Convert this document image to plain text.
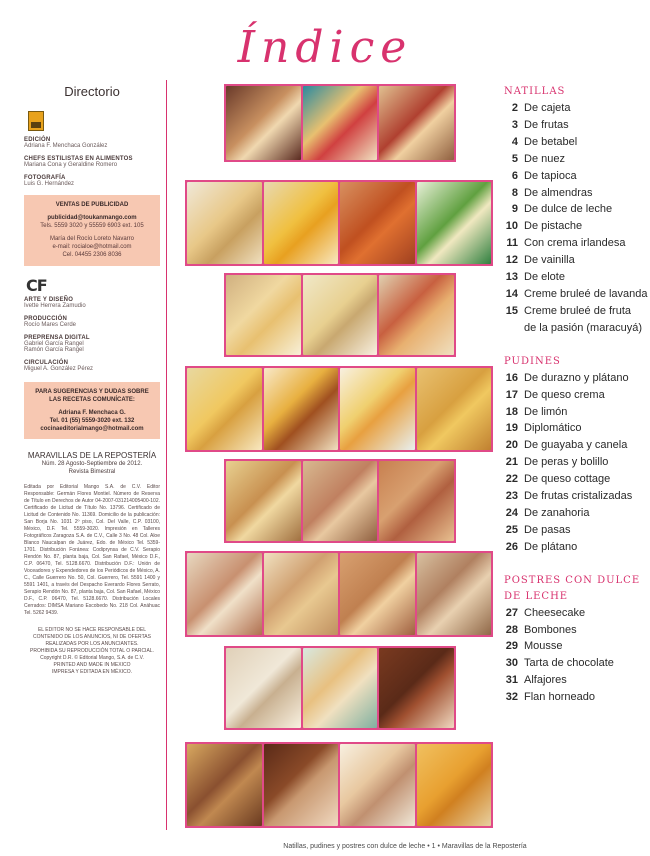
Índice
Directorio
EDICIÓN
Adriana F. Menchaca González
CHEFS ESTILISTAS EN ALIMENTOS
Mariana Cona y Geraldine Romero
FOTOGRAFÍA
Luis G. Hernández
VENTAS DE PUBLICIDAD
publicidad@toukanmango.com
Tels. 5559 3020 y 55559 6903 ext. 105
María del Rocío Loreto Navarro
e-mail: rocialoe@hotmail.com
Cel. 04455 2306 8036
CF
ARTE Y DISEÑO
Ivette Herrera Zamudio
PRODUCCIÓN
Rocío Mares Cerde
PREPRENSA DIGITAL
Gabriel García Rangel
Ramón García Rangel
CIRCULACIÓN
Miguel A. González Pérez
PARA SUGERENCIAS Y DUDAS SOBRE LAS RECETAS COMUNÍCATE:
Adriana F. Menchaca G.
Tel. 01 (55) 5559-3020 ext. 132
cocinaeditorialmango@hotmail.com
MARAVILLAS DE LA REPOSTERÍA
Núm. 28 Agosto-Septiembre de 2012.
Revista Bimestral
Editada por Editorial Mango S.A. de C.V. Editor Responsable: Germán Flores Montiel. Número de Reserva de Título en Derechos de Autor 04-2007-031214005400-102. Certificado de Licitud de Título No. 13796. Certificado de Licitud de Contenido No. 11369. Domicilio de la publicación: San Borja No. 1031 2º piso, Col. Del Valle, C.P. 03100, México, D.F. Tel. 5559-3020. Impresión en Talleres Fotográficos Zaragoza S.A. de C.V., Calle 3 No. 48 Col. Aloe Blanco Naucalpan de Juárez, Edo. de México Tel. 5359-1701. Distribución Foránea: Codiprynsa de C.V. Serapio Rendón No. 87, planta baja, Col. San Rafael, México D.F., C.P. 06470, Tel. 5128.6670. Distribución D.F.: Unión de Voceadores y Expendedores de los Periódicos de México, A. C., Calle Guerrero No. 50, Col. Guerrero, Tel. 5591 1400 y 5591 1401, a través del Despacho Everardo Flores Serrato, Serapio Rendón No. 87, planta baja, Col. San Rafael, México D.F., C.P. 06470, Tel. 5128.6670. Distribución Locales Cerrados: DIMSA Mariano Escobedo No. 218 Col. Anáhuac Tel. 5262 9439.
EL EDITOR NO SE HACE RESPONSABLE DEL CONTENIDO DE LOS ANUNCIOS, NI DE OFERTAS REALIZADAS POR LOS ANUNCIANTES.
PROHIBIDA SU REPRODUCCIÓN TOTAL O PARCIAL. Copyright D.R. © Editorial Mango, S.A. de C.V.
PRINTED AND MADE IN MEXICO
IMPRESA Y EDITADA EN MÉXICO.
NATILLAS
2 De cajeta
3 De frutas
4 De betabel
5 De nuez
6 De tapioca
8 De almendras
9 De dulce de leche
10 De pistache
11 Con crema irlandesa
12 De vainilla
13 De elote
14 Creme bruleé de lavanda
15 Creme bruleé de fruta
de la pasión (maracuyá)
PUDINES
16 De durazno y plátano
17 De queso crema
18 De limón
19 Diplomático
20 De guayaba y canela
21 De peras y bolillo
22 De queso cottage
23 De frutas cristalizadas
24 De zanahoria
25 De pasas
26 De plátano
POSTRES CON DULCE
DE LECHE
27 Cheesecake
28 Bombones
29 Mousse
30 Tarta de chocolate
31 Alfajores
32 Flan horneado
Natillas, pudines y postres con dulce de leche • 1 • Maravillas de la Repostería
